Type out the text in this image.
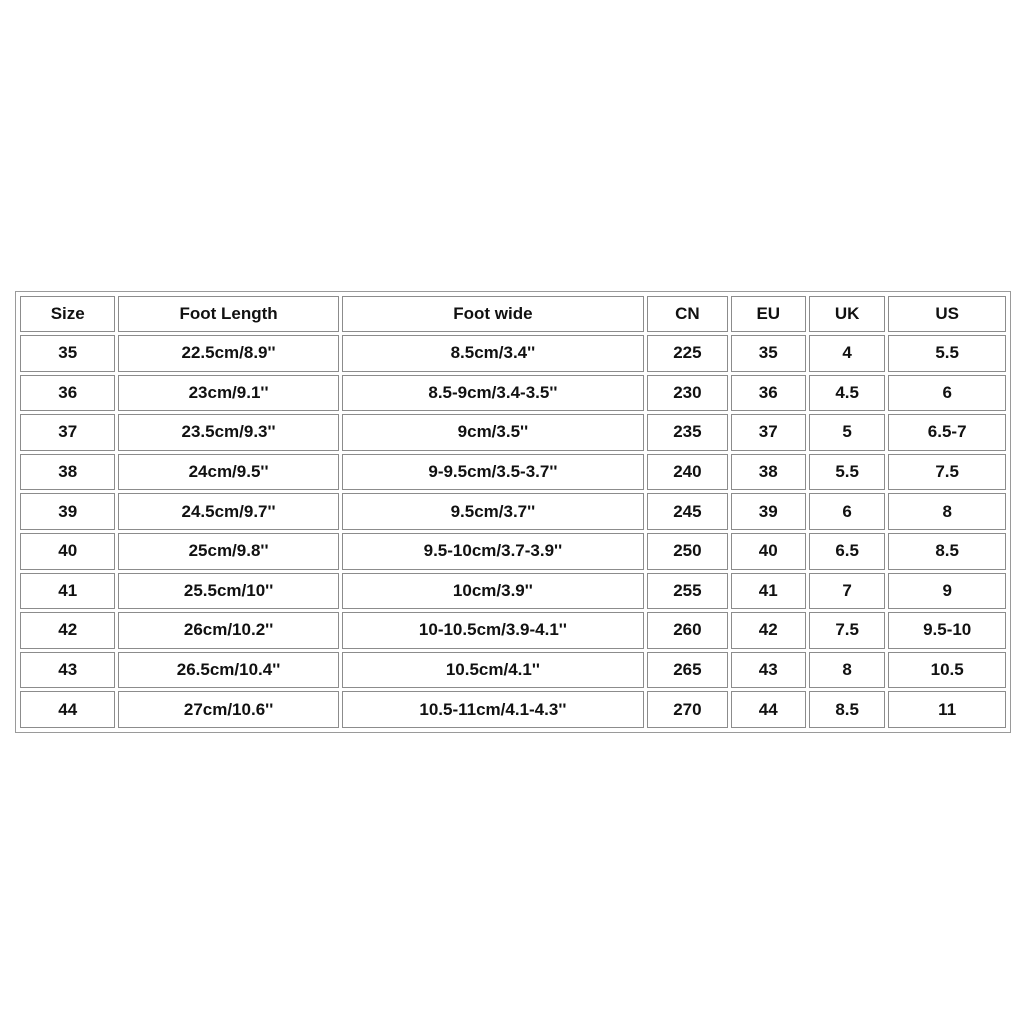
Size	Foot Length	Foot wide	CN	EU	UK	US
35	22.5cm/8.9''	8.5cm/3.4''	225	35	4	5.5
36	23cm/9.1''	8.5-9cm/3.4-3.5''	230	36	4.5	6
37	23.5cm/9.3''	9cm/3.5''	235	37	5	6.5-7
38	24cm/9.5''	9-9.5cm/3.5-3.7''	240	38	5.5	7.5
39	24.5cm/9.7''	9.5cm/3.7''	245	39	6	8
40	25cm/9.8''	9.5-10cm/3.7-3.9''	250	40	6.5	8.5
41	25.5cm/10''	10cm/3.9''	255	41	7	9
42	26cm/10.2''	10-10.5cm/3.9-4.1''	260	42	7.5	9.5-10
43	26.5cm/10.4''	10.5cm/4.1''	265	43	8	10.5
44	27cm/10.6''	10.5-11cm/4.1-4.3''	270	44	8.5	11
